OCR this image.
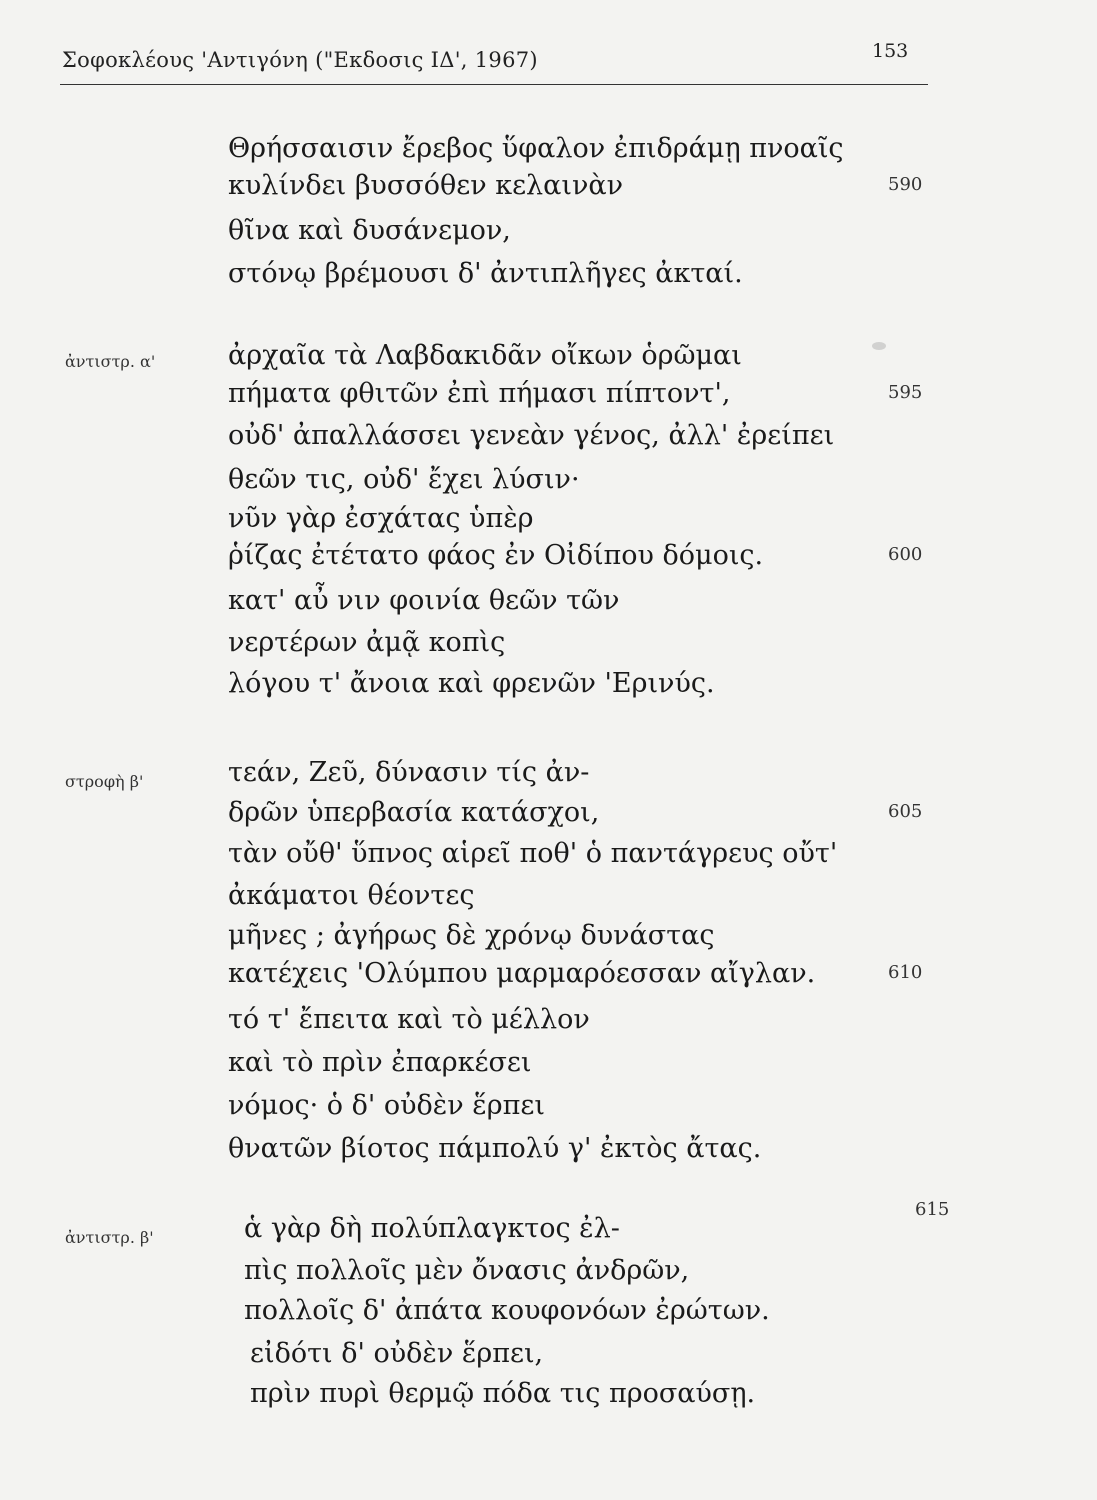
Σοφοκλέους 'Αντιγόνη ("Εκδοσις ΙΔ', 1967)	153
ἀντιστρ. α'
στροφὴ β'
ἀντιστρ. β'
Θρήσσαισιν ἔρεβος ὕφαλον ἐπιδράμῃ πνοαῖς
κυλίνδει βυσσόθεν κελαινὰν	590
θῖνα καὶ δυσάνεμον,
στόνῳ βρέμουσι δ' ἀντιπλῆγες ἀκταί.
ἀρχαῖα τὰ Λαβδακιδᾶν οἴκων ὁρῶμαι
πήματα φθιτῶν ἐπὶ πήμασι πίπτοντ',	595
οὐδ' ἀπαλλάσσει γενεὰν γένος, ἀλλ' ἐρείπει
θεῶν τις, οὐδ' ἔχει λύσιν·
νῦν γὰρ ἐσχάτας ὑπὲρ
ῥίζας ἐτέτατο φάος ἐν Οἰδίπου δόμοις.	600
κατ' αὖ νιν φοινία θεῶν τῶν
νερτέρων ἀμᾷ κοπὶς
λόγου τ' ἄνοια καὶ φρενῶν 'Ερινύς.
τεάν, Ζεῦ, δύνασιν τίς ἀν-
δρῶν ὑπερβασία κατάσχοι,	605
τὰν οὔθ' ὕπνος αἱρεῖ ποθ' ὁ παντάγρευς οὔτ'
ἀκάματοι θέοντες
μῆνες ; ἀγήρως δὲ χρόνῳ δυνάστας
κατέχεις 'Ολύμπου μαρμαρόεσσαν αἴγλαν.	610
τό τ' ἔπειτα καὶ τὸ μέλλον
καὶ τὸ πρὶν ἐπαρκέσει
νόμος· ὁ δ' οὐδὲν ἕρπει
θνατῶν βίοτος πάμπολύ γ' ἐκτὸς ἄτας.
ἁ γὰρ δὴ πολύπλαγκτος ἐλ-
615
πὶς πολλοῖς μὲν ὄνασις ἀνδρῶν,
πολλοῖς δ' ἀπάτα κουφονόων ἐρώτων.
εἰδότι δ' οὐδὲν ἕρπει,
πρὶν πυρὶ θερμῷ πόδα τις προσαύσῃ.
